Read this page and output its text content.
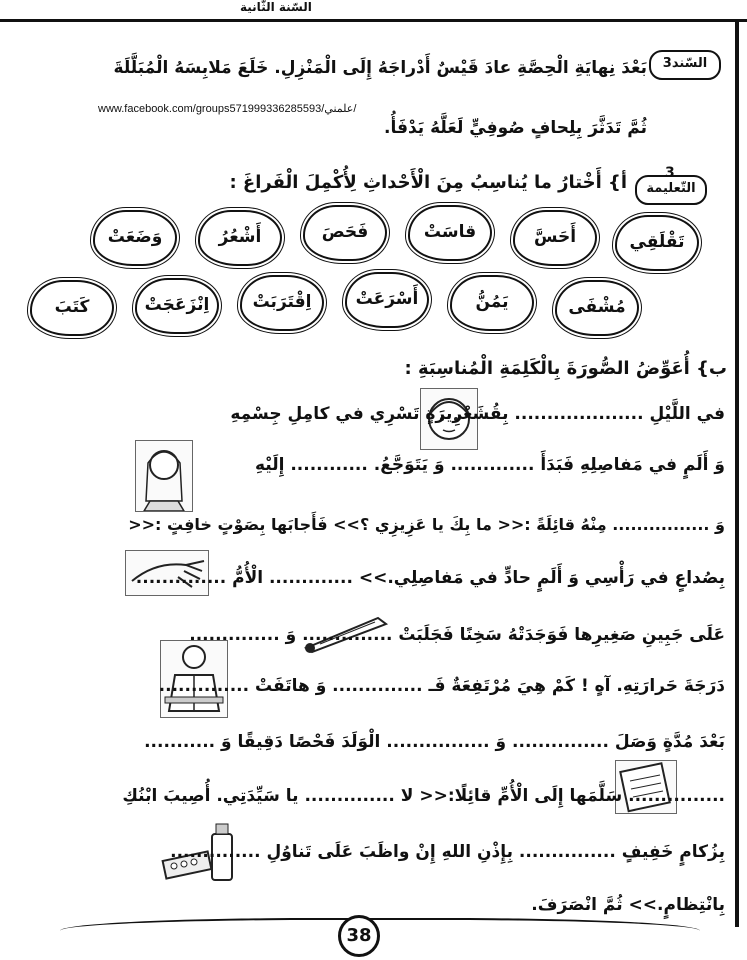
السّنة الثّانية
السّند3
بَعْدَ نِهايَةِ الْحِصَّةِ عادَ قَيْسٌ أَدْراجَهُ إِلَى الْمَنْزِلِ. خَلَعَ مَلابِسَهُ الْمُبَلَّلَةَ
www.facebook.com/groups571999336285593/علمني/
ثُمَّ تَدَثَّرَ بِلِحافٍ صُوفِيٍّ لَعَلَّهُ يَدْفَأُ.
3
التّعليمة
أ} أَخْتارُ ما يُناسِبُ مِنَ الْأَحْداثِ لِأُكْمِلَ الْفَراغَ :
تَقْلَقِي
أَحَسَّ
قاسَتْ
فَحَصَ
أَشْعُرُ
وَضَعَتْ
مُشْفَى
يَمُنُّ
أَسْرَعَتْ
اِقْتَرَبَتْ
اِنْزَعَجَتْ
كَتَبَ
ب} أُعَوِّضُ الصُّورَةَ بِالْكَلِمَةِ الْمُناسِبَةِ :
في اللَّيْلِ .................... بِقُشَعْرِيرَةٍ تَسْرِي في كامِلِ جِسْمِهِ
وَ أَلَمٍ في مَفاصِلِهِ فَبَدَأَ ............. وَ يَتَوَجَّعُ. ............ إِلَيْهِ
وَ ................ مِنْهُ قائِلَةً :<< ما بِكَ يا عَزِيزِي ؟>> فَأَجابَها بِصَوْتٍ خافِتٍ :<<
بِصُداعٍ في رَأْسِي وَ أَلَمٍ حادٍّ في مَفاصِلِي.>> ............. الْأُمُّ ..............
عَلَى جَبِينِ صَغِيرِها فَوَجَدَتْهُ سَخِنًا فَجَلَبَتْ .............. وَ ..............
دَرَجَةَ حَرارَتِهِ. آهٍ ! كَمْ هِيَ مُرْتَفِعَةٌ فَـ .............. وَ هاتَفَتْ ..............
بَعْدَ مُدَّةٍ وَصَلَ ............... وَ ................ الْوَلَدَ فَحْصًا دَقِيقًا وَ ...........
............... سَلَّمَها إِلَى الْأُمِّ قائِلًا:<< لا .............. يا سَيِّدَتِي. أُصِيبَ ابْنُكِ
بِزُكامٍ خَفِيفٍ ............... بِإِذْنِ اللهِ إِنْ واظَبَ عَلَى تَناوُلِ ..............
بِانْتِظامٍ.>> ثُمَّ انْصَرَفَ.
38
